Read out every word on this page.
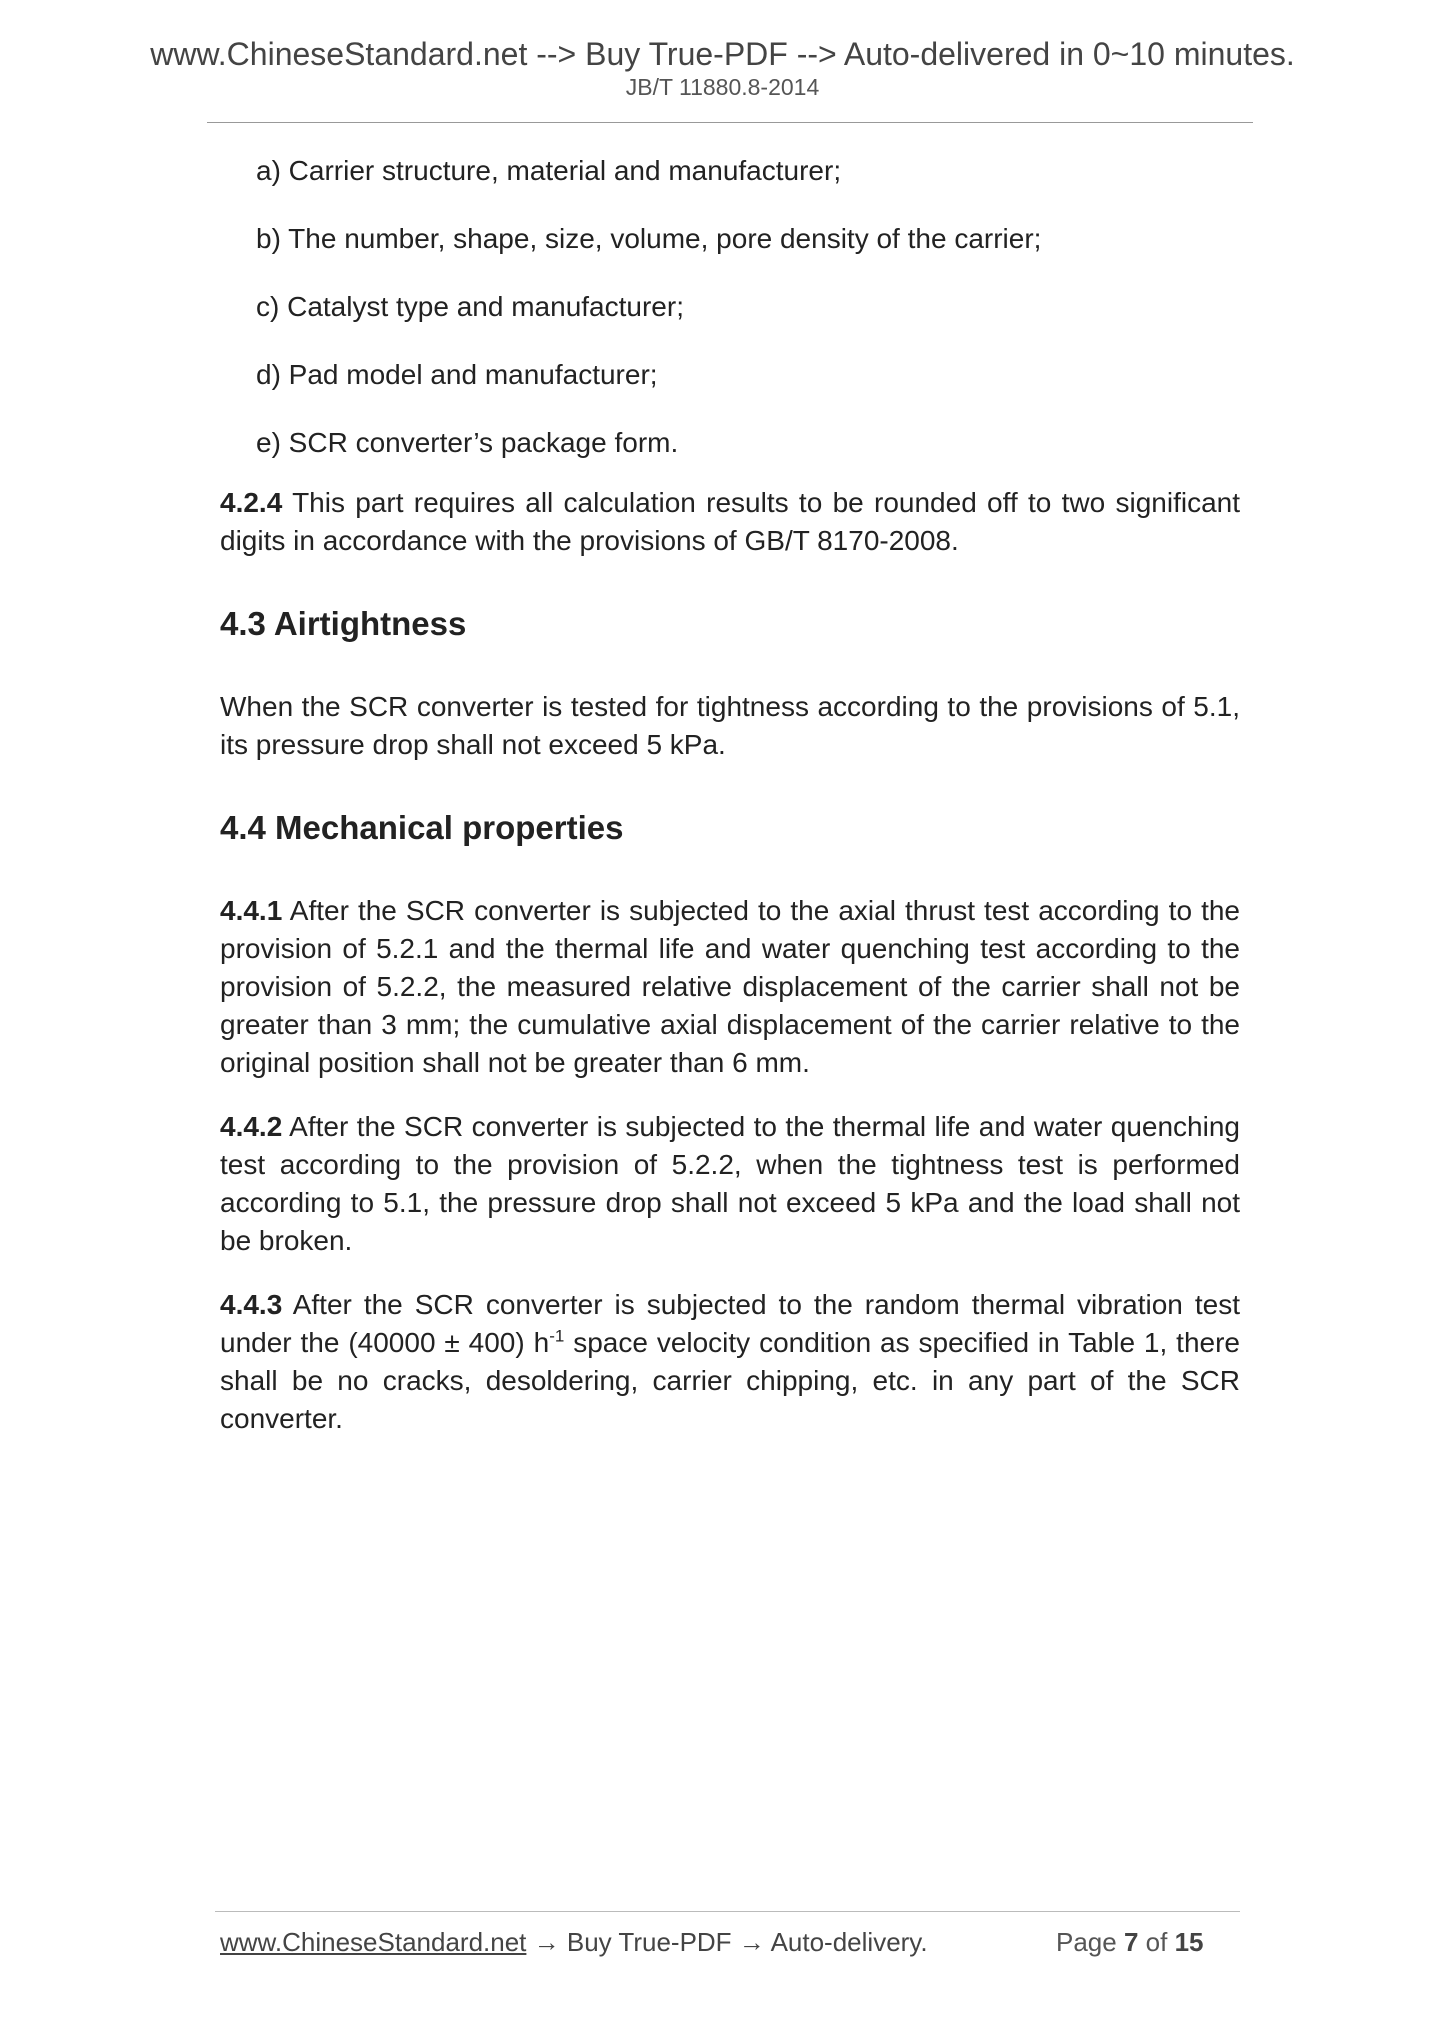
www.ChineseStandard.net --> Buy True-PDF --> Auto-delivered in 0~10 minutes.
JB/T 11880.8-2014
a) Carrier structure, material and manufacturer;
b) The number, shape, size, volume, pore density of the carrier;
c) Catalyst type and manufacturer;
d) Pad model and manufacturer;
e) SCR converter’s package form.
4.2.4 This part requires all calculation results to be rounded off to two significant digits in accordance with the provisions of GB/T 8170-2008.
4.3 Airtightness
When the SCR converter is tested for tightness according to the provisions of 5.1, its pressure drop shall not exceed 5 kPa.
4.4 Mechanical properties
4.4.1 After the SCR converter is subjected to the axial thrust test according to the provision of 5.2.1 and the thermal life and water quenching test according to the provision of 5.2.2, the measured relative displacement of the carrier shall not be greater than 3 mm; the cumulative axial displacement of the carrier relative to the original position shall not be greater than 6 mm.
4.4.2 After the SCR converter is subjected to the thermal life and water quenching test according to the provision of 5.2.2, when the tightness test is performed according to 5.1, the pressure drop shall not exceed 5 kPa and the load shall not be broken.
4.4.3 After the SCR converter is subjected to the random thermal vibration test under the (40000 ± 400) $h^{-1}$ space velocity condition as specified in Table 1, there shall be no cracks, desoldering, carrier chipping, etc. in any part of the SCR converter.
www.ChineseStandard.net → Buy True-PDF → Auto-delivery.	Page 7 of 15
